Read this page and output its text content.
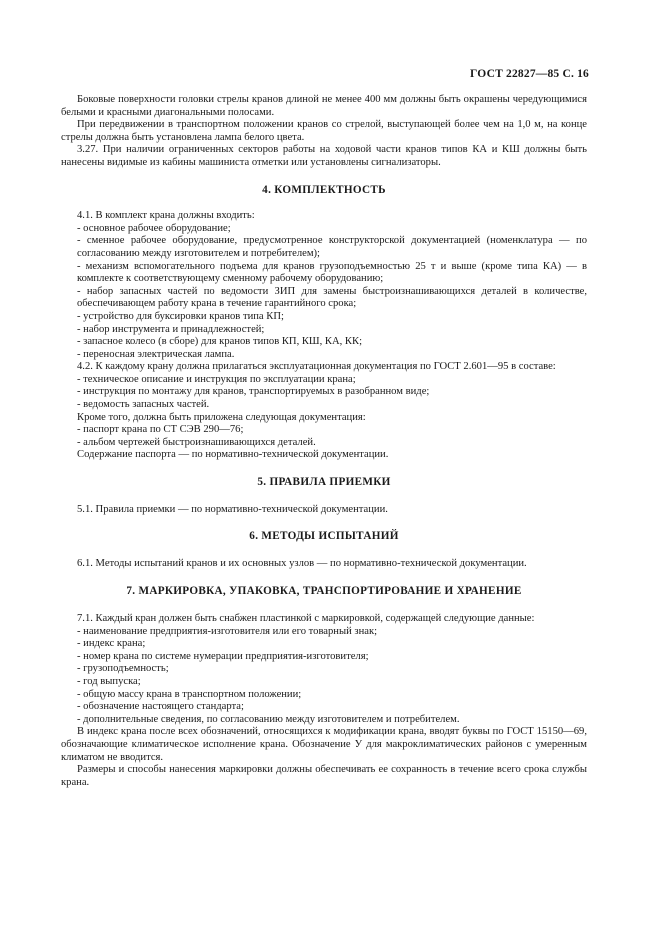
ГОСТ 22827—85 С. 16

Боковые поверхности головки стрелы кранов длиной не менее 400 мм должны быть окрашены чередующимися белыми и красными диагональными полосами.

При передвижении в транспортном положении кранов со стрелой, выступающей более чем на 1,0 м, на конце стрелы должна быть установлена лампа белого цвета.

3.27. При наличии ограниченных секторов работы на ходовой части кранов типов КА и КШ должны быть нанесены видимые из кабины машиниста отметки или установлены сигнализаторы.

4. КОМПЛЕКТНОСТЬ

4.1. В комплект крана должны входить:

- основное рабочее оборудование;

- сменное рабочее оборудование, предусмотренное конструкторской документацией (номенклатура — по согласованию между изготовителем и потребителем);

- механизм вспомогательного подъема для кранов грузоподъемностью 25 т и выше (кроме типа КА) — в комплекте к соответствующему сменному рабочему оборудованию;

- набор запасных частей по ведомости ЗИП для замены быстроизнашивающихся деталей в количестве, обеспечивающем работу крана в течение гарантийного срока;

- устройство для буксировки кранов типа КП;

- набор инструмента и принадлежностей;

- запасное колесо (в сборе) для кранов типов КП, КШ, КА, КК;

- переносная электрическая лампа.

4.2. К каждому крану должна прилагаться эксплуатационная документация по ГОСТ 2.601—95 в составе:

- техническое описание и инструкция по эксплуатации крана;

- инструкция по монтажу для кранов, транспортируемых в разобранном виде;

- ведомость запасных частей.

Кроме того, должна быть приложена следующая документация:

- паспорт крана по СТ СЭВ 290—76;

- альбом чертежей быстроизнашивающихся деталей.

Содержание паспорта — по нормативно-технической документации.

5. ПРАВИЛА ПРИЕМКИ

5.1. Правила приемки — по нормативно-технической документации.

6. МЕТОДЫ ИСПЫТАНИЙ

6.1. Методы испытаний кранов и их основных узлов — по нормативно-технической документации.

7. МАРКИРОВКА, УПАКОВКА, ТРАНСПОРТИРОВАНИЕ И ХРАНЕНИЕ

7.1. Каждый кран должен быть снабжен пластинкой с маркировкой, содержащей следующие данные:

- наименование предприятия-изготовителя или его товарный знак;

- индекс крана;

- номер крана по системе нумерации предприятия-изготовителя;

- грузоподъемность;

- год выпуска;

- общую массу крана в транспортном положении;

- обозначение настоящего стандарта;

- дополнительные сведения, по согласованию между изготовителем и потребителем.

В индекс крана после всех обозначений, относящихся к модификации крана, вводят буквы по ГОСТ 15150—69, обозначающие климатическое исполнение крана. Обозначение У для макроклиматических районов с умеренным климатом не вводится.

Размеры и способы нанесения маркировки должны обеспечивать ее сохранность в течение всего срока службы крана.
